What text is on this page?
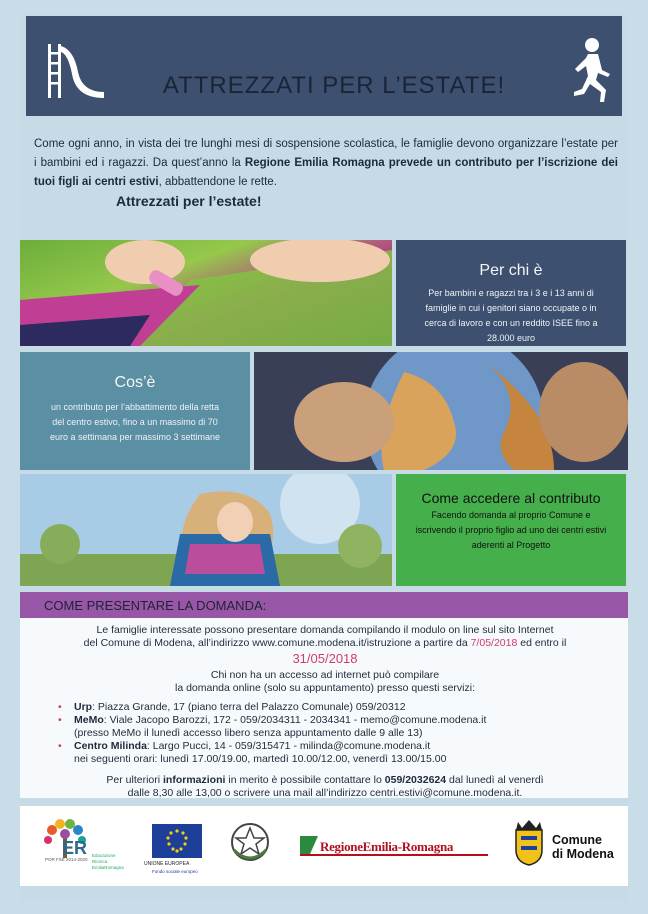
ATTREZZATI PER L’ESTATE!
Come ogni anno, in vista dei tre lunghi mesi di sospensione scolastica, le famiglie devono organizzare l’estate per i bambini ed i ragazzi. Da quest’anno la Regione Emilia Romagna prevede un contributo per l’iscrizione dei tuoi figli ai centri estivi, abbattendone le rette.
Attrezzati per l’estate!
Per chi è

Per bambini e ragazzi tra i 3 e i 13 anni di famiglie in cui i genitori siano occupate o in cerca di lavoro e con un reddito ISEE fino a 28.000 euro

Cos’è

un contributo per l’abbattimento della retta del centro estivo, fino a un massimo di 70 euro a settimana per massimo 3 settimane

Come accedere al contributo

Facendo domanda al proprio Comune e iscrivendo il proprio figlio ad uno dei centri estivi aderenti al Progetto

COME PRESENTARE LA DOMANDA:
Le famiglie interessate possono presentare domanda compilando il modulo on line sul sito Internet
del Comune di Modena, all’indirizzo www.comune.modena.it/istruzione a partire da 7/05/2018 ed entro il
31/05/2018
Chi non ha un accesso ad internet può compilare
la domanda online (solo su appuntamento) presso questi servizi:
• Urp: Piazza Grande, 17 (piano terra del Palazzo Comunale) 059/20312
• MeMo: Viale Jacopo Barozzi, 172 - 059/2034311 - 2034341 - memo@comune.modena.it
(presso MeMo il lunedì accesso libero senza appuntamento dalle 9 alle 13)
• Centro Milinda: Largo Pucci, 14 - 059/315471 - milinda@comune.modena.it
nei seguenti orari: lunedì 17.00/19.00, martedì 10.00/12.00, venerdì 13.00/15.00
Per ulteriori informazioni in merito è possibile contattare lo 059/2032624 dal lunedì al venerdì
dalle 8,30 alle 13,00 o scrivere una mail all’indirizzo centri.estivi@comune.modena.it.
ER Educazione Ricerca EmiliaRomagna
POR FSE 2014-2020
UNIONE EUROPEA
Fondo sociale europeo
RegioneEmilia-Romagna	Comune
di Modena
